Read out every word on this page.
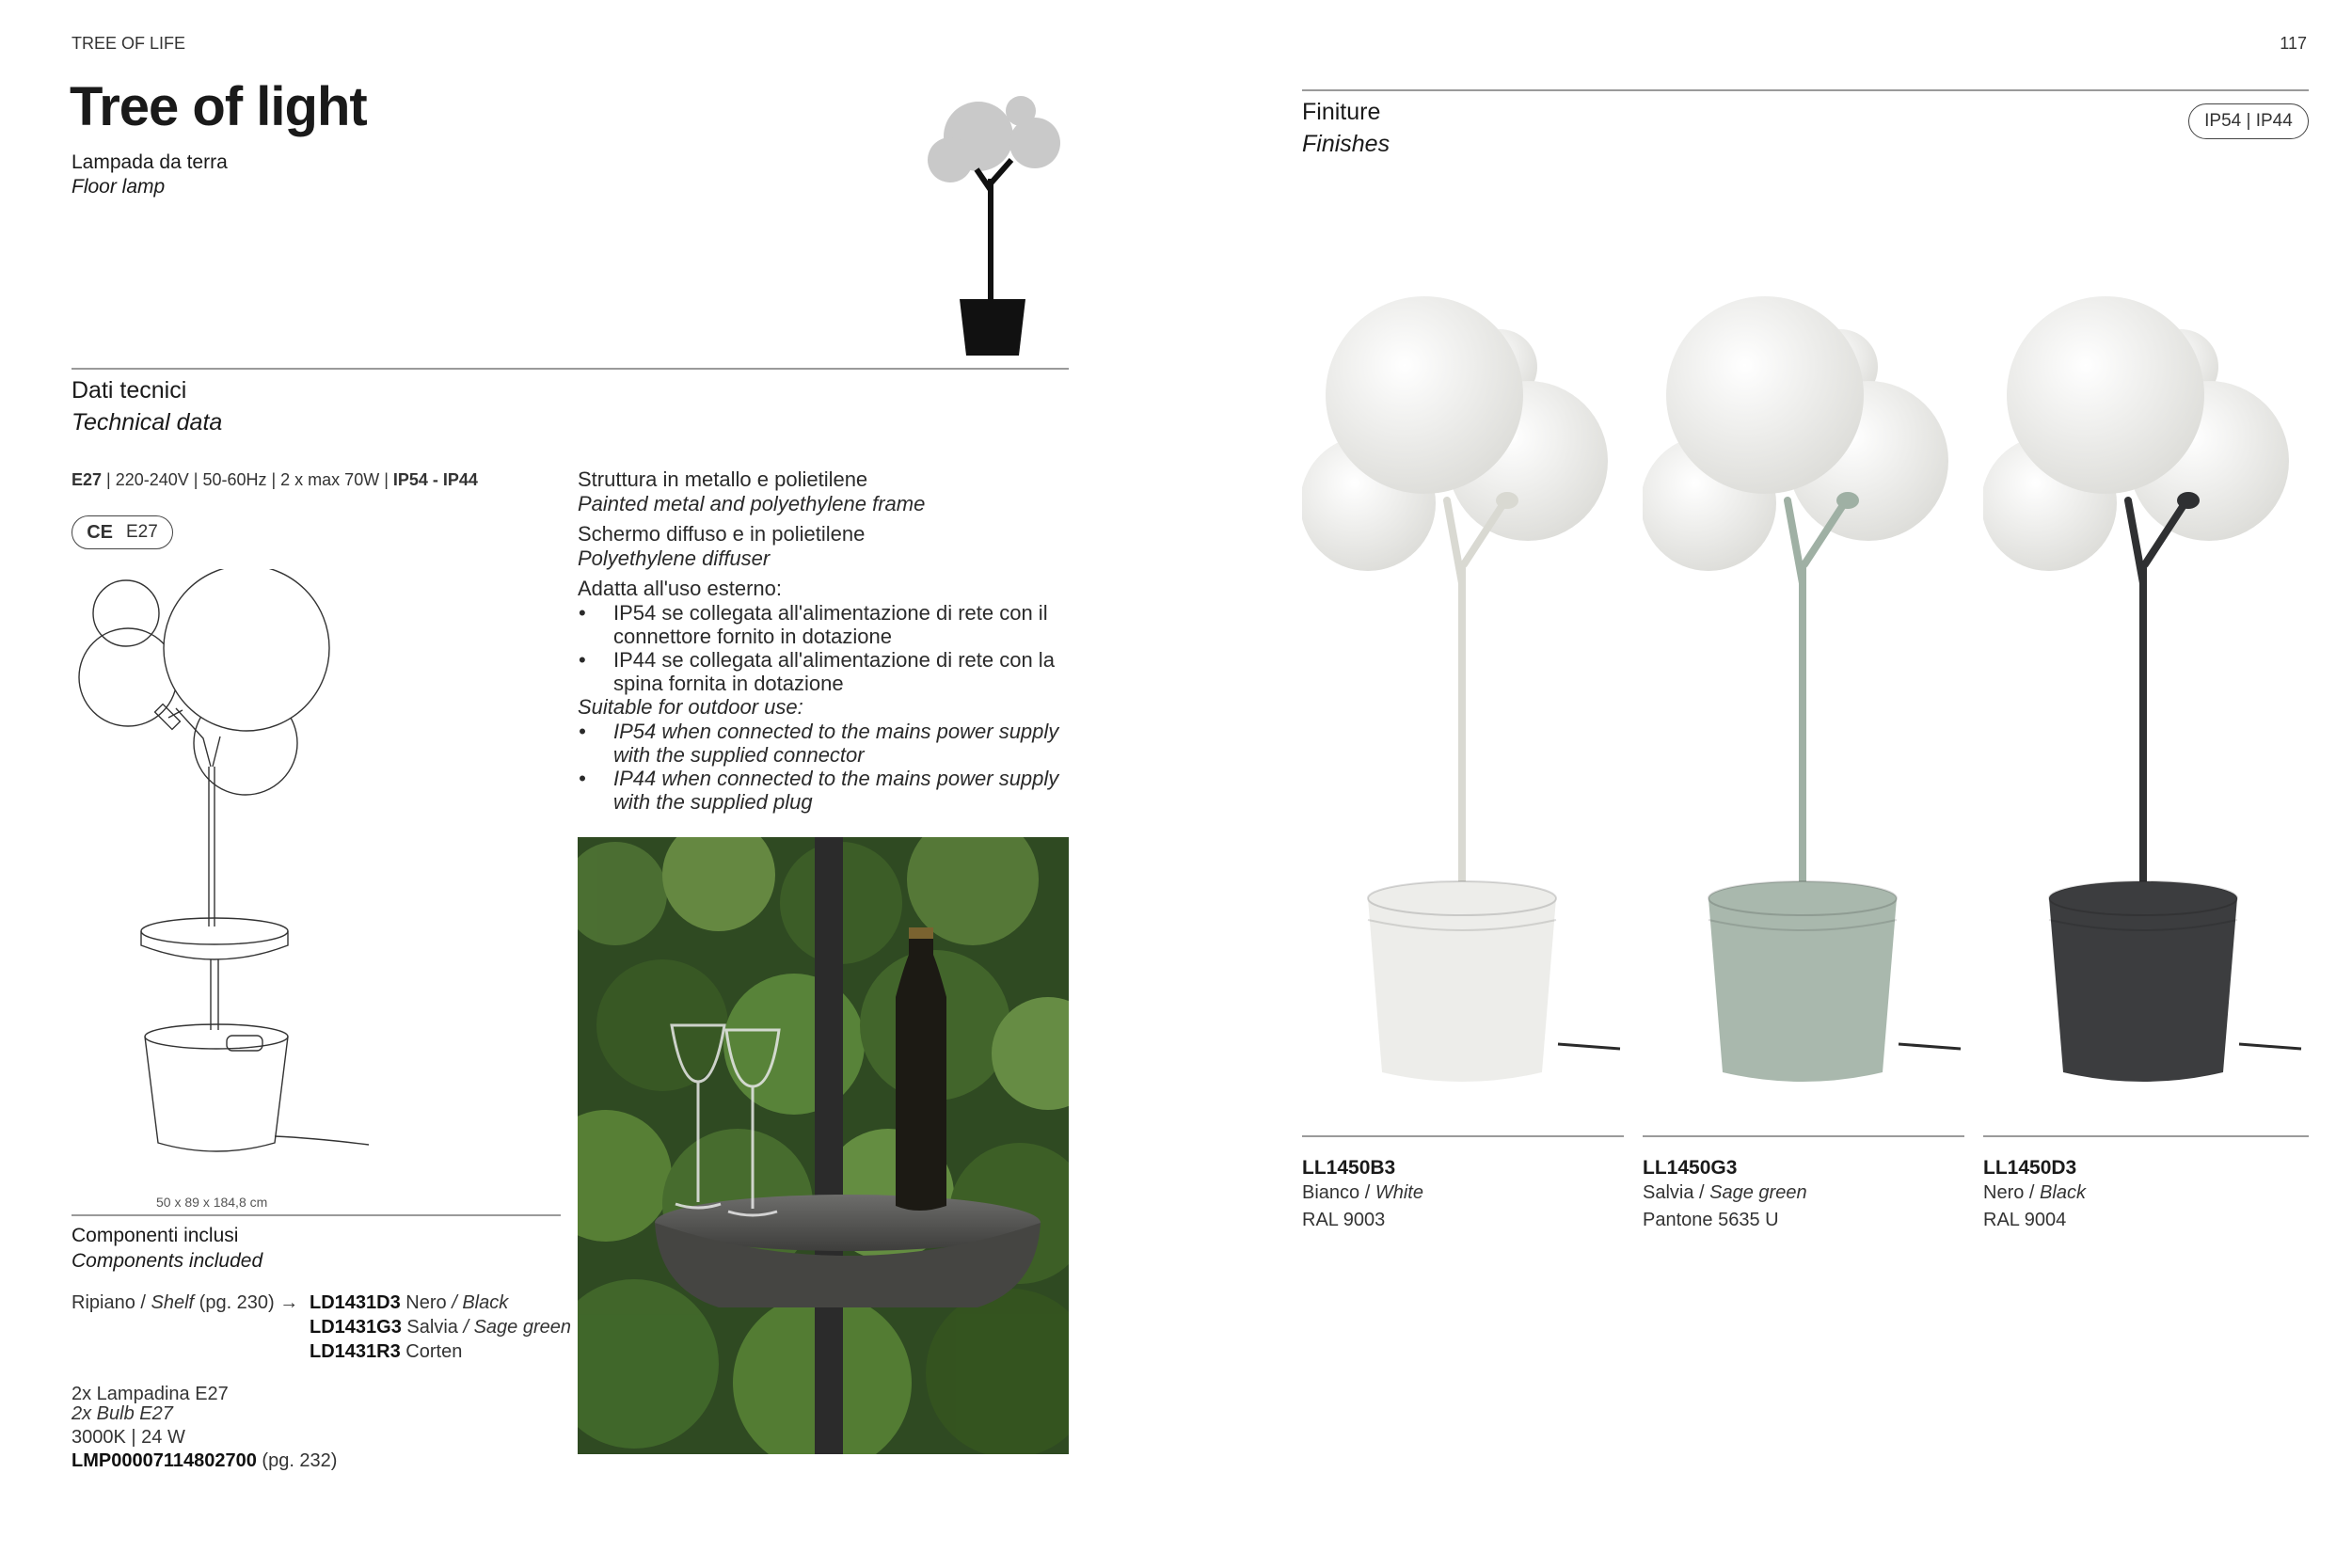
TREE OF LIFE	117
Tree of light
Lampada da terra
Floor lamp
Dati tecnici
Technical data
E27 | 220-240V | 50-60Hz | 2 x max 70W | IP54 - IP44
CE E27
50 x 89 x 184,8 cm
Componenti inclusi
Components included
Ripiano / Shelf (pg. 230) → LD1431D3 Nero / Black
LD1431G3 Salvia / Sage green
LD1431R3 Corten
2x Lampadina E27
2x Bulb E27
3000K | 24 W
LMP00007114802700 (pg. 232)
Struttura in metallo e polietilene
Painted metal and polyethylene frame
Schermo diffuso e in polietilene
Polyethylene diffuser
Adatta all'uso esterno:
• IP54 se collegata all'alimentazione di rete con il connettore fornito in dotazione
• IP44 se collegata all'alimentazione di rete con la spina fornita in dotazione
Suitable for outdoor use:
• IP54 when connected to the mains power supply with the supplied connector
• IP44 when connected to the mains power supply with the supplied plug
Finiture
Finishes
IP54 | IP44
LL1450B3
Bianco / White
RAL 9003
LL1450G3
Salvia / Sage green
Pantone 5635 U
LL1450D3
Nero / Black
RAL 9004
